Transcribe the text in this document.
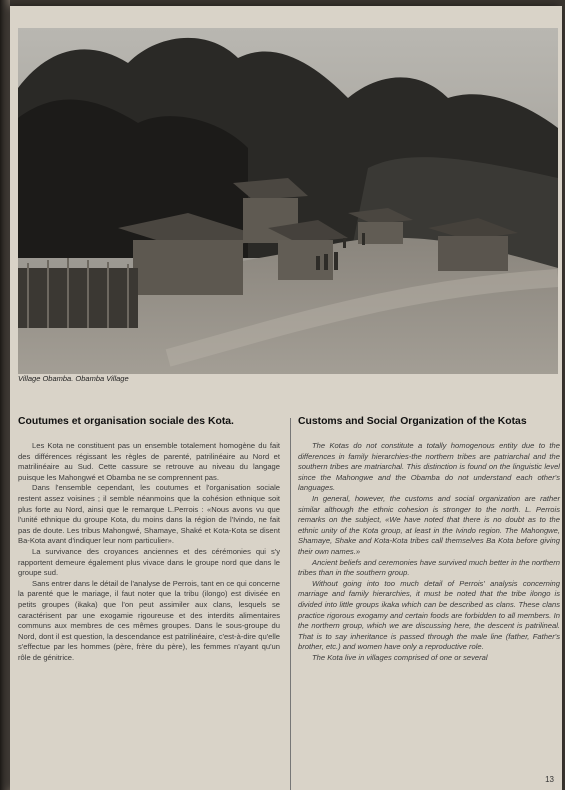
Village Obamba. Obamba Village
Coutumes et organisation sociale des Kota.

Les Kota ne constituent pas un ensemble totalement homogène du fait des différences régissant les règles de parenté, patrilinéaire au Nord et matrilinéaire au Sud. Cette cassure se retrouve au niveau du langage puisque les Mahongwé et Obamba ne se comprennent pas.

Dans l'ensemble cependant, les coutumes et l'organisation sociale restent assez voisines ; il semble néanmoins que la cohésion ethnique soit plus forte au Nord, ainsi que le remarque L.Perrois : «Nous avons vu que l'unité ethnique du groupe Kota, du moins dans la région de l'Ivindo, ne fait pas de doute. Les tribus Mahongwé, Shamaye, Shaké et Kota-Kota se disent Ba-Kota avant d'indiquer leur nom particulier».

La survivance des croyances anciennes et des cérémonies qui s'y rapportent demeure également plus vivace dans le groupe nord que dans le groupe sud.

Sans entrer dans le détail de l'analyse de Perrois, tant en ce qui concerne la parenté que le mariage, il faut noter que la tribu (ilongo) est divisée en petits groupes (ikaka) que l'on peut assimiler aux clans, lesquels se caractérisent par une exogamie rigoureuse et des interdits alimentaires communs aux membres de ces mêmes groupes. Dans le sous-groupe du Nord, dont il est question, la descendance est patrilinéaire, c'est-à-dire qu'elle s'effectue par les hommes (père, frère du père), les femmes n'ayant qu'un rôle de génitrice.

Customs and Social Organization of the Kotas

The Kotas do not constitute a totally homogenous entity due to the differences in family hierarchies-the northern tribes are patriarchal and the southern tribes are matriarchal. This distinction is found on the linguistic level since the Mahongwe and the Obamba do not understand each other's languages.

In general, however, the customs and social organization are rather similar although the ethnic cohesion is stronger to the north. L. Perrois remarks on the subject, «We have noted that there is no doubt as to the ethnic unity of the Kota group, at least in the Ivindo region. The Mahongwe, Shamaye, Shake and Kota-Kota tribes call themselves Ba Kota before giving their own names.»

Ancient beliefs and ceremonies have survived much better in the northern tribes than in the southern group.

Without going into too much detail of Perrois' analysis concerning marriage and family hierarchies, it must be noted that the tribe ilongo is divided into little groups ikaka which can be described as clans. These clans practice rigorous exogamy and certain foods are forbidden to all members. In the northern group, which we are discussing here, the descent is patrilineal. That is to say inheritance is passed through the male line (father, Father's brother, etc.) and women have only a reproductive role.

The Kota live in villages comprised of one or several

13
